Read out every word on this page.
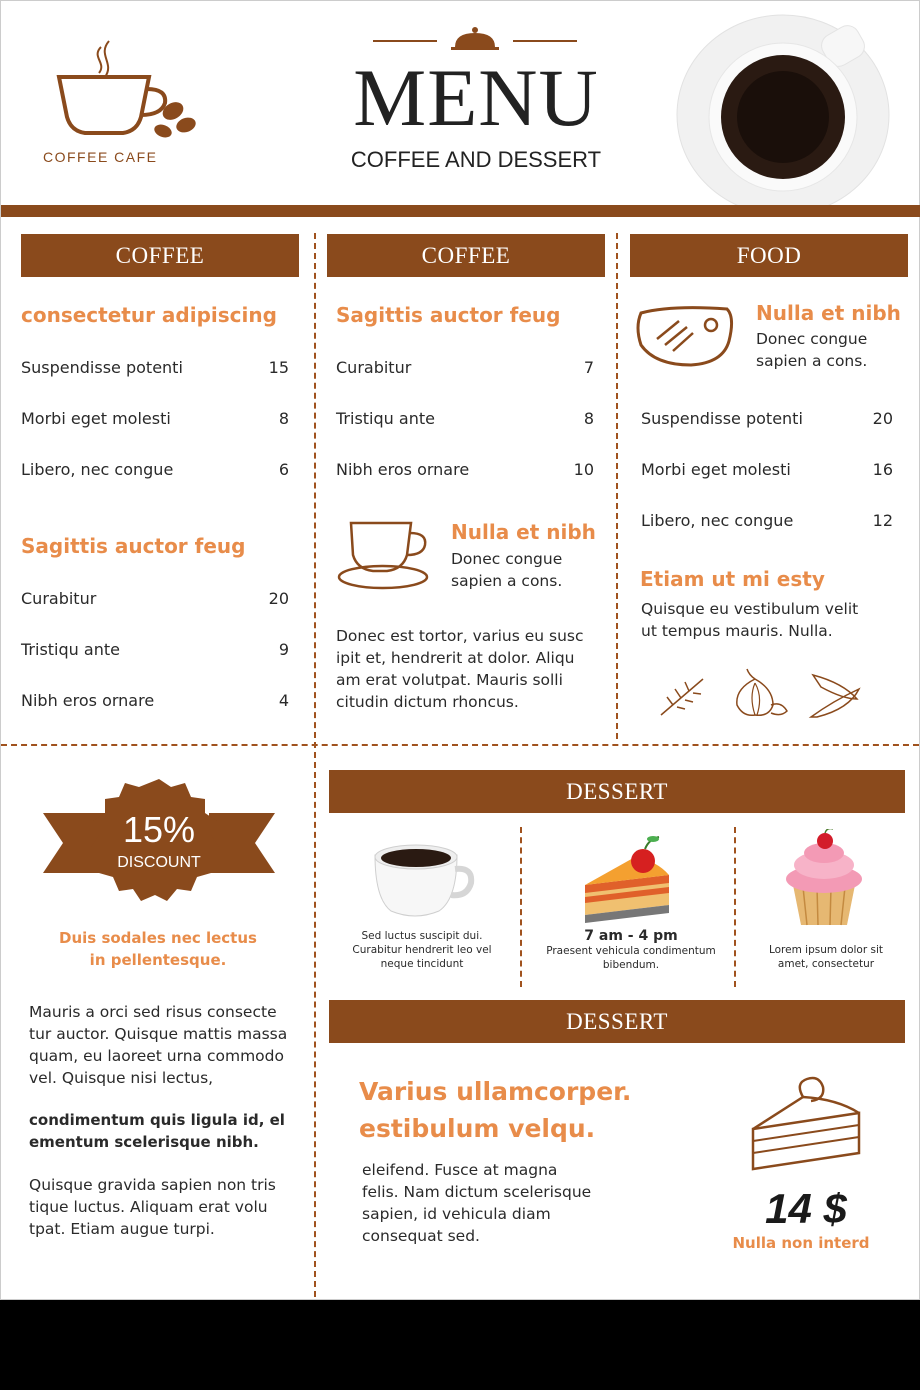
COFFEE CAFE
MENU
COFFEE AND DESSERT
COFFEE
consectetur adipiscing
Suspendisse potenti	15
Morbi eget molesti	8
Libero, nec congue	6
Sagittis auctor feug
Curabitur	20
Tristiqu ante	9
Nibh eros ornare	4
COFFEE
Sagittis auctor feug
Curabitur	7
Tristiqu ante	8
Nibh eros ornare	10
Nulla et nibh
Donec congue
sapien a cons.
Donec est tortor, varius eu susc
ipit et, hendrerit at dolor. Aliqu
am erat volutpat. Mauris solli
citudin dictum rhoncus.
FOOD
Nulla et nibh
Donec congue
sapien a cons.
Suspendisse potenti	20
Morbi eget molesti	16
Libero, nec congue	12
Etiam ut mi esty
Quisque eu vestibulum velit
ut tempus mauris. Nulla.
15%
DISCOUNT
Duis sodales nec lectus
in pellentesque.
Mauris a orci sed risus consecte
tur auctor. Quisque mattis massa
quam, eu laoreet urna commodo
vel. Quisque nisi lectus,
condimentum quis ligula id, el
ementum scelerisque nibh.
Quisque gravida sapien non tris
tique luctus. Aliquam erat volu
tpat. Etiam augue turpi.
DESSERT
Sed luctus suscipit dui.
Curabitur hendrerit leo vel
neque tincidunt
7 am - 4 pm
Praesent vehicula condimentum
bibendum.
Lorem ipsum dolor sit
amet, consectetur
DESSERT
Varius ullamcorper.
estibulum velqu.
eleifend. Fusce at magna
felis. Nam dictum scelerisque
sapien, id vehicula diam
consequat sed.
14 $
Nulla non interd
